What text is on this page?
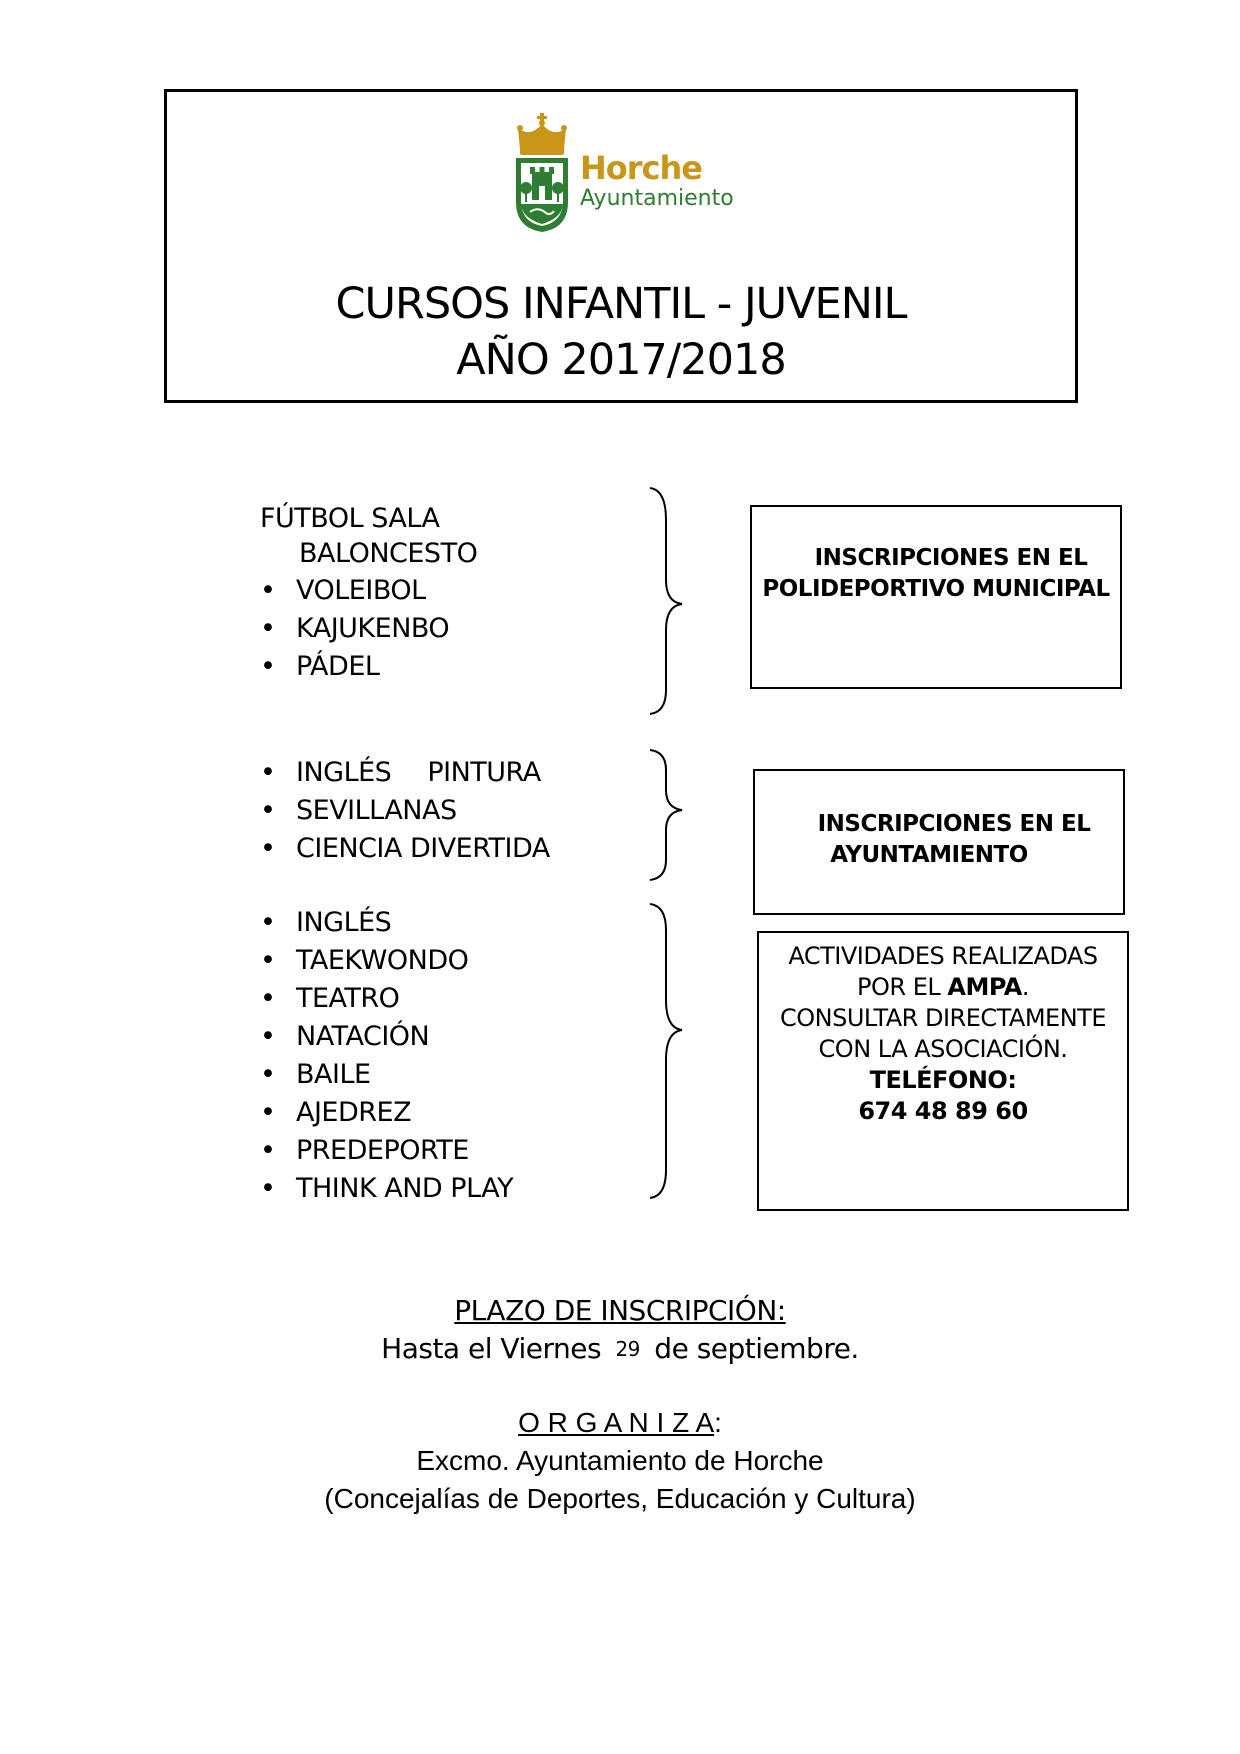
Horche
Ayuntamiento
CURSOS INFANTIL - JUVENIL
AÑO 2017/2018
FÚTBOL SALA
BALONCESTO
• VOLEIBOL
• KAJUKENBO
• PÁDEL
• INGLÉS PINTURA
• SEVILLANAS
• CIENCIA DIVERTIDA
• INGLÉS
• TAEKWONDO
• TEATRO
• NATACIÓN
• BAILE
• AJEDREZ
• PREDEPORTE
• THINK AND PLAY
INSCRIPCIONES EN EL
POLIDEPORTIVO MUNICIPAL
INSCRIPCIONES EN EL
AYUNTAMIENTO
ACTIVIDADES REALIZADAS
POR EL AMPA.
CONSULTAR DIRECTAMENTE
CON LA ASOCIACIÓN.
TELÉFONO:
674 48 89 60
PLAZO DE INSCRIPCIÓN:
Hasta el Viernes 29 de septiembre.
O R G A N I Z A:
Excmo. Ayuntamiento de Horche
(Concejalías de Deportes, Educación y Cultura)
